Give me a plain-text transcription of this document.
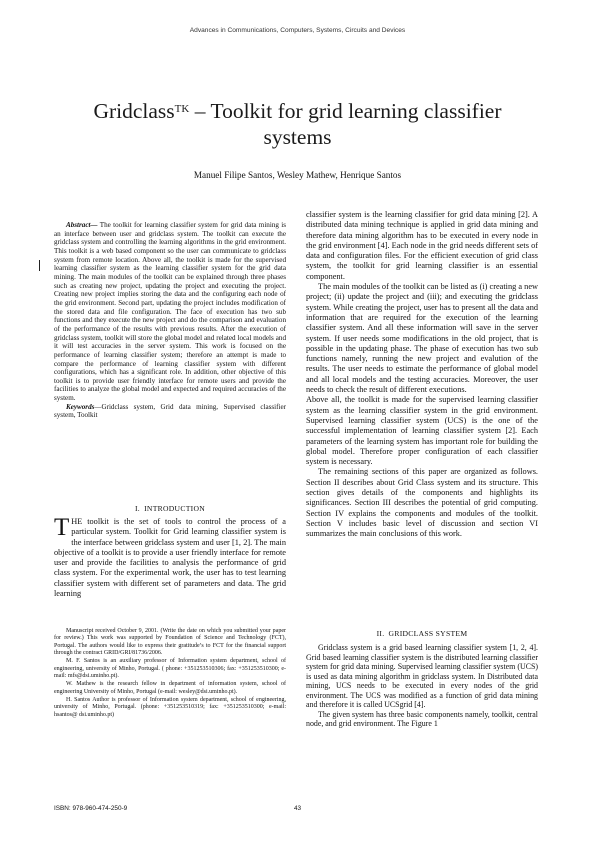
Advances in Communications, Computers, Systems, Circuits and Devices
Gridclass$^{TK}$ – Toolkit for grid learning classifier systems
Manuel Filipe Santos, Wesley Mathew, Henrique Santos

Abstract— The toolkit for learning classifier system for grid data mining is an interface between user and gridclass system. The toolkit can execute the gridclass system and controlling the learning algorithms in the grid environment. This toolkit is a web based component so the user can communicate to gridclass system from remote location. Above all, the toolkit is made for the supervised learning classifier system as the learning classifier system for the grid data mining. The main modules of the toolkit can be explained through three phases such as creating new project, updating the project and executing the project. Creating new project implies storing the data and the configuring each node of the grid environment. Second part, updating the project includes modification of the stored data and file configuration. The face of execution has two sub functions and they execute the new project and do the comparison and evaluation of the performance of the results with previous results. After the execution of gridclass system, toolkit will store the global model and related local models and it will test accuracies in the server system. This work is focused on the performance of learning classifier system; therefore an attempt is made to compare the performance of learning classifier system with different configurations, which has a significant role. In addition, other objective of this toolkit is to provide user friendly interface for remote users and provide the facilities to analyze the global model and expected and required accuracies of the system.

Keywords—Gridclass system, Grid data mining, Supervised classifier system, Toolkit

I. INTRODUCTION

THE toolkit is the set of tools to control the process of a particular system. Toolkit for Grid learning classifier system is the interface between gridclass system and user [1, 2]. The main objective of a toolkit is to provide a user friendly interface for remote user and provide the facilities to analysis the performance of grid class system. For the experimental work, the user has to test learning classifier system with different set of parameters and data. The grid learning

Manuscript received October 9, 2001. (Write the date on which you submitted your paper for review.) This work was supported by Foundation of Science and Technology (FCT), Portugal. The authors would like to express their gratitude’s to FCT for the financial support through the contract GRID/GRI/81736/2006.

M. F. Santos is an auxiliary professor of Information system department, school of engineering, university of Minho, Portugal. ( phone: +351253510306; fax: +351253510300; e-mail: mfs@dsi.uminho.pt).

W. Mathew is the research fellow in department of information system, school of engineering University of Minho, Portugal (e-mail: wesley@dsi.uminho.pt).

H. Santos Author is professor of Information system department, school of engineering, university of Minho, Portugal. (phone: +351253510319; fax: +351253510300; e-mail: hsantos@ dsi.uminho.pt)

classifier system is the learning classifier for grid data mining [2]. A distributed data mining technique is applied in grid data mining and therefore data mining algorithm has to be executed in every node in the grid environment [4]. Each node in the grid needs different sets of data and configuration files. For the efficient execution of grid class system, the toolkit for grid learning classifier is an essential component.

The main modules of the toolkit can be listed as (i) creating a new project; (ii) update the project and (iii); and executing the gridclass system. While creating the project, user has to present all the data and information that are required for the execution of the learning classifier system. And all these information will save in the server system. If user needs some modifications in the old project, that is possible in the updating phase. The phase of execution has two sub functions namely, running the new project and evalution of the results. The user needs to estimate the performance of global model and all local models and the testing accuracies. Moreover, the user needs to check the result of different executions.

Above all, the toolkit is made for the supervised learning classifier system as the learning classifier system in the grid environment. Supervised learning classifier system (UCS) is the one of the successful implementation of learning classifier system [2]. Each parameters of the learning system has important role for building the global model. Therefore proper configuration of each classifier system is necessary.

The remaining sections of this paper are organized as follows. Section II describes about Grid Class system and its structure. This section gives details of the components and highlights its significances. Section III describes the potential of grid computing. Section IV explains the components and modules of the toolkit. Section V includes basic level of discussion and section VI summarizes the main conclusions of this work.

II. GRIDCLASS SYSTEM

Gridclass system is a grid based learning classifier system [1, 2, 4]. Grid based learning classifier system is the distributed learning classifier system for grid data mining. Supervised learning classifier system (UCS) is used as data mining algorithm in gridclass system. In Distributed data mining, UCS needs to be executed in every nodes of the grid environment. The UCS was modified as a function of grid data mining and therefore it is called UCSgrid [4].

The given system has three basic components namely, toolkit, central node, and grid environment. The Figure 1

ISBN: 978-960-474-250-9	43
